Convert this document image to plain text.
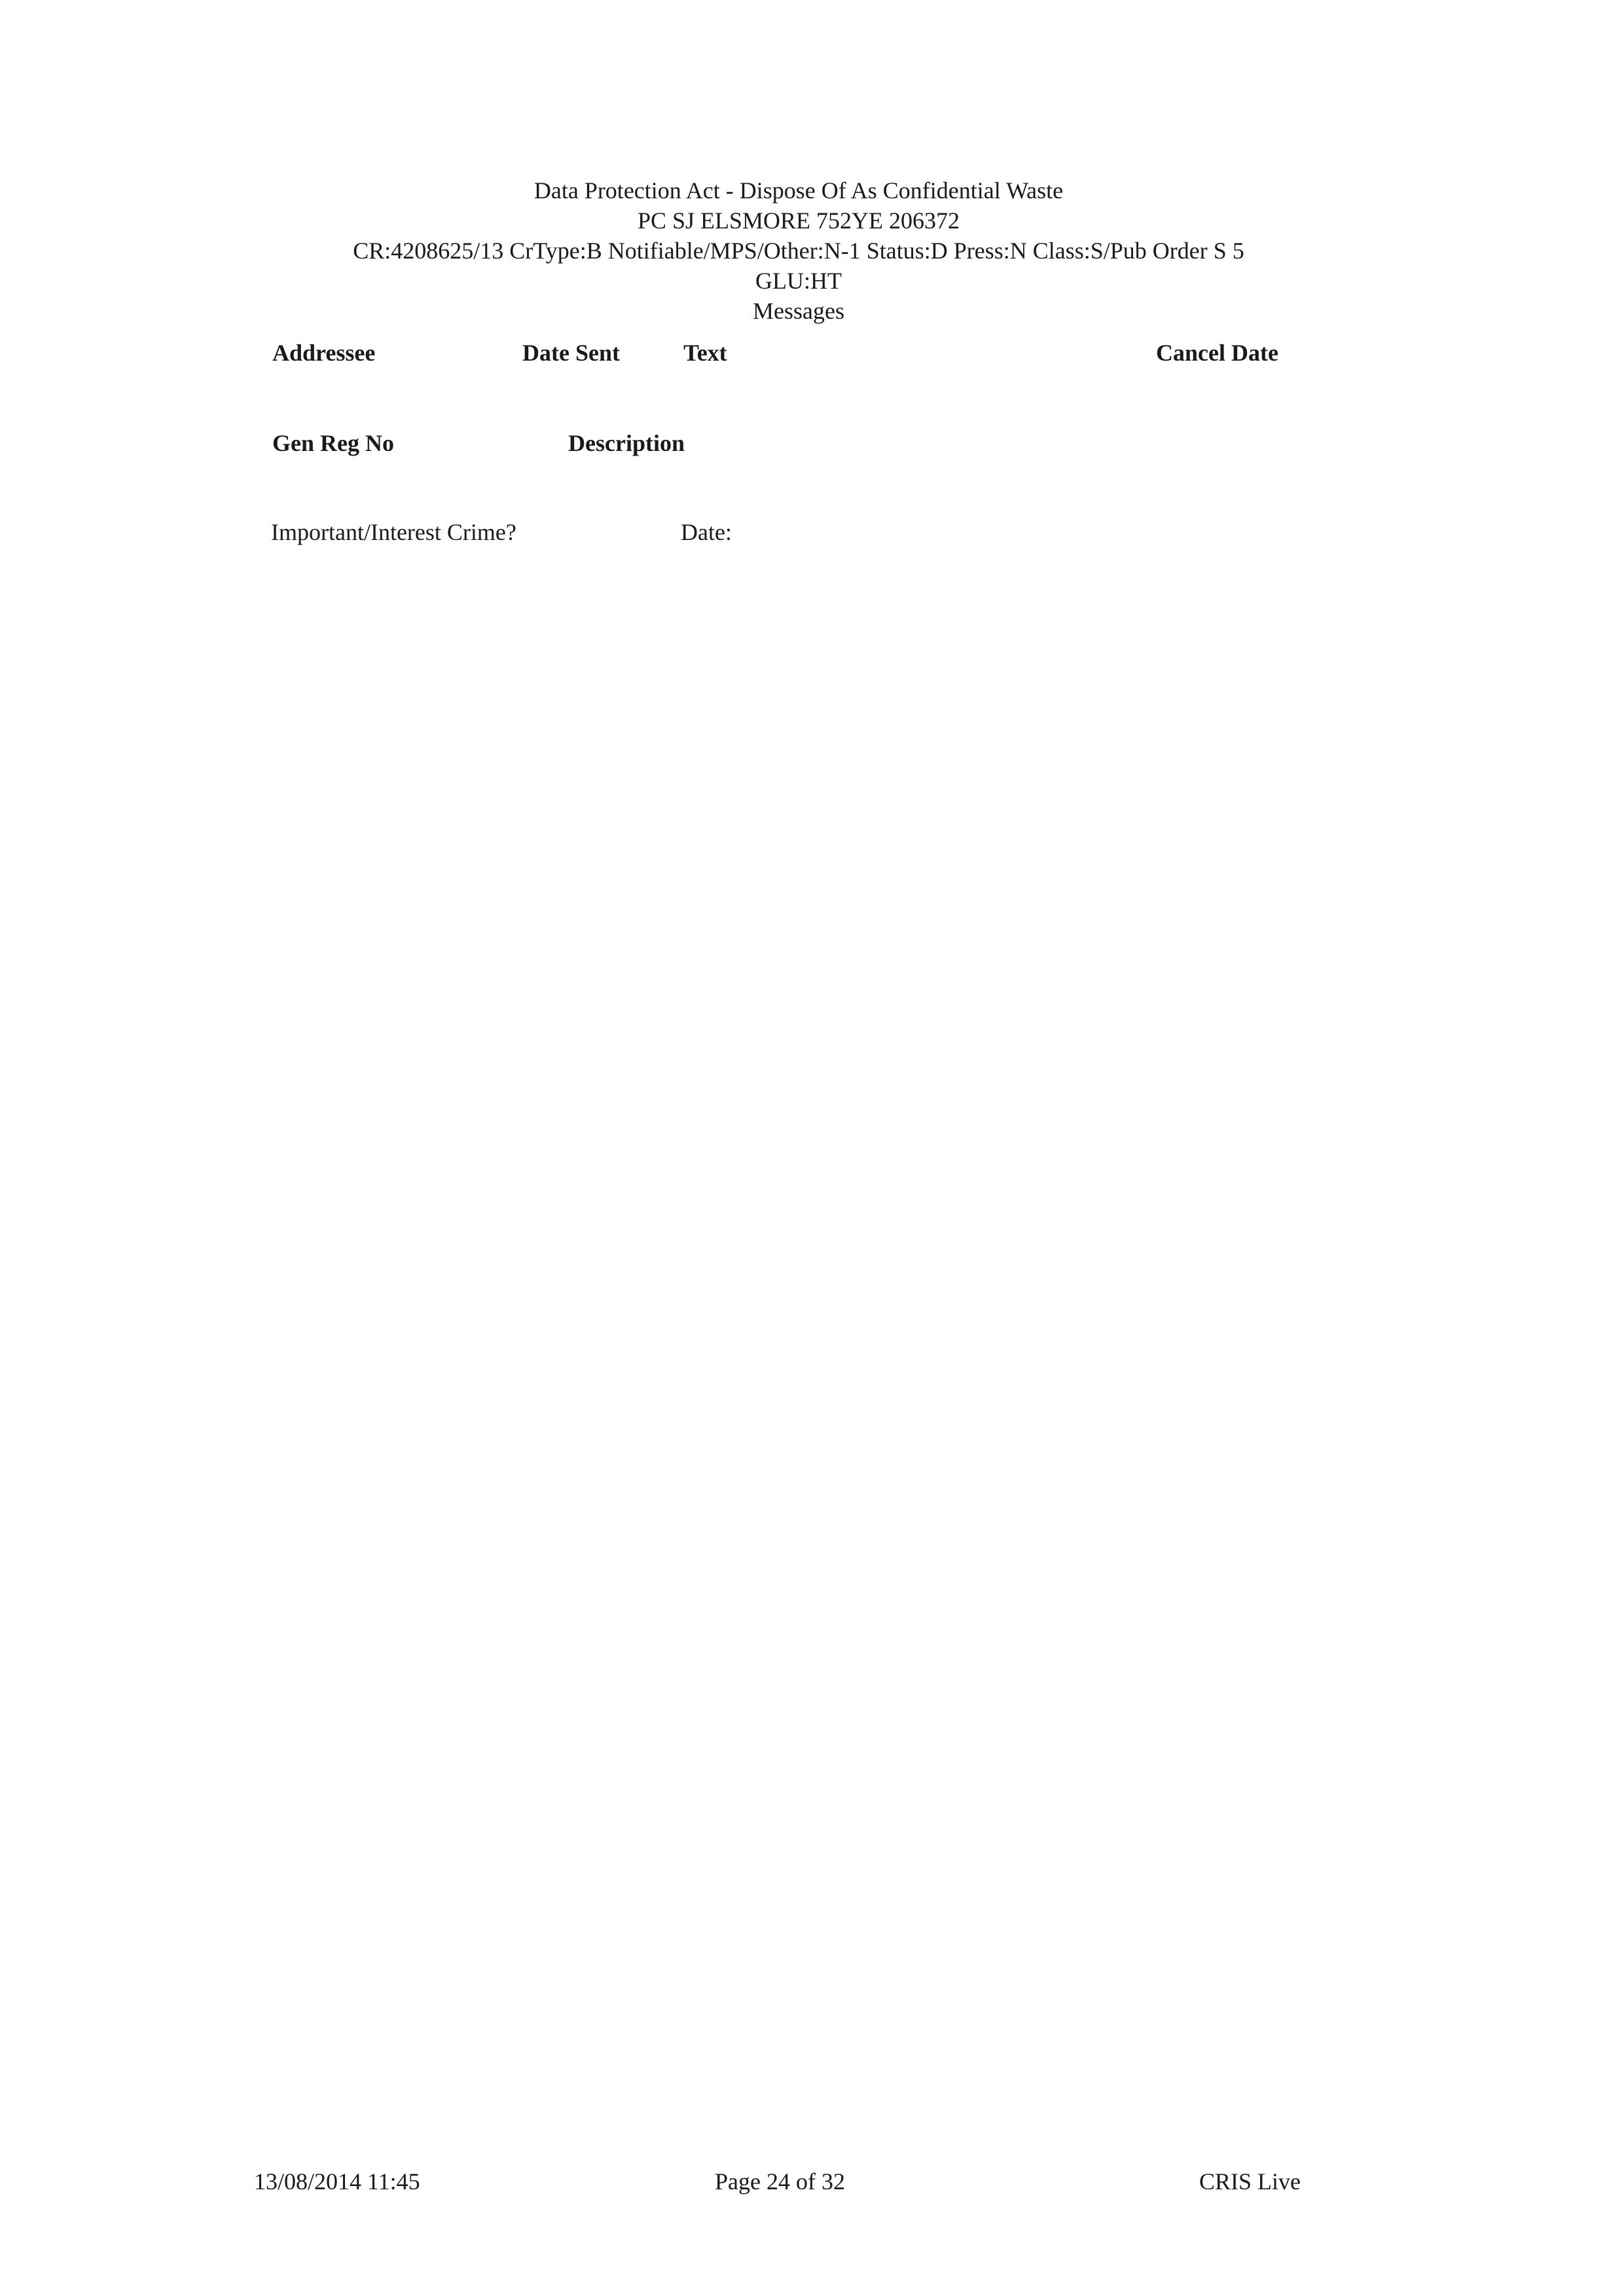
Data Protection Act - Dispose Of As Confidential Waste
PC SJ ELSMORE 752YE 206372
CR:4208625/13 CrType:B Notifiable/MPS/Other:N-1 Status:D Press:N Class:S/Pub Order S 5
GLU:HT
Messages
Addressee	Date Sent	Text	Cancel Date
Gen Reg No	Description
Important/Interest Crime?	Date:
13/08/2014 11:45	Page 24 of 32	CRIS Live
